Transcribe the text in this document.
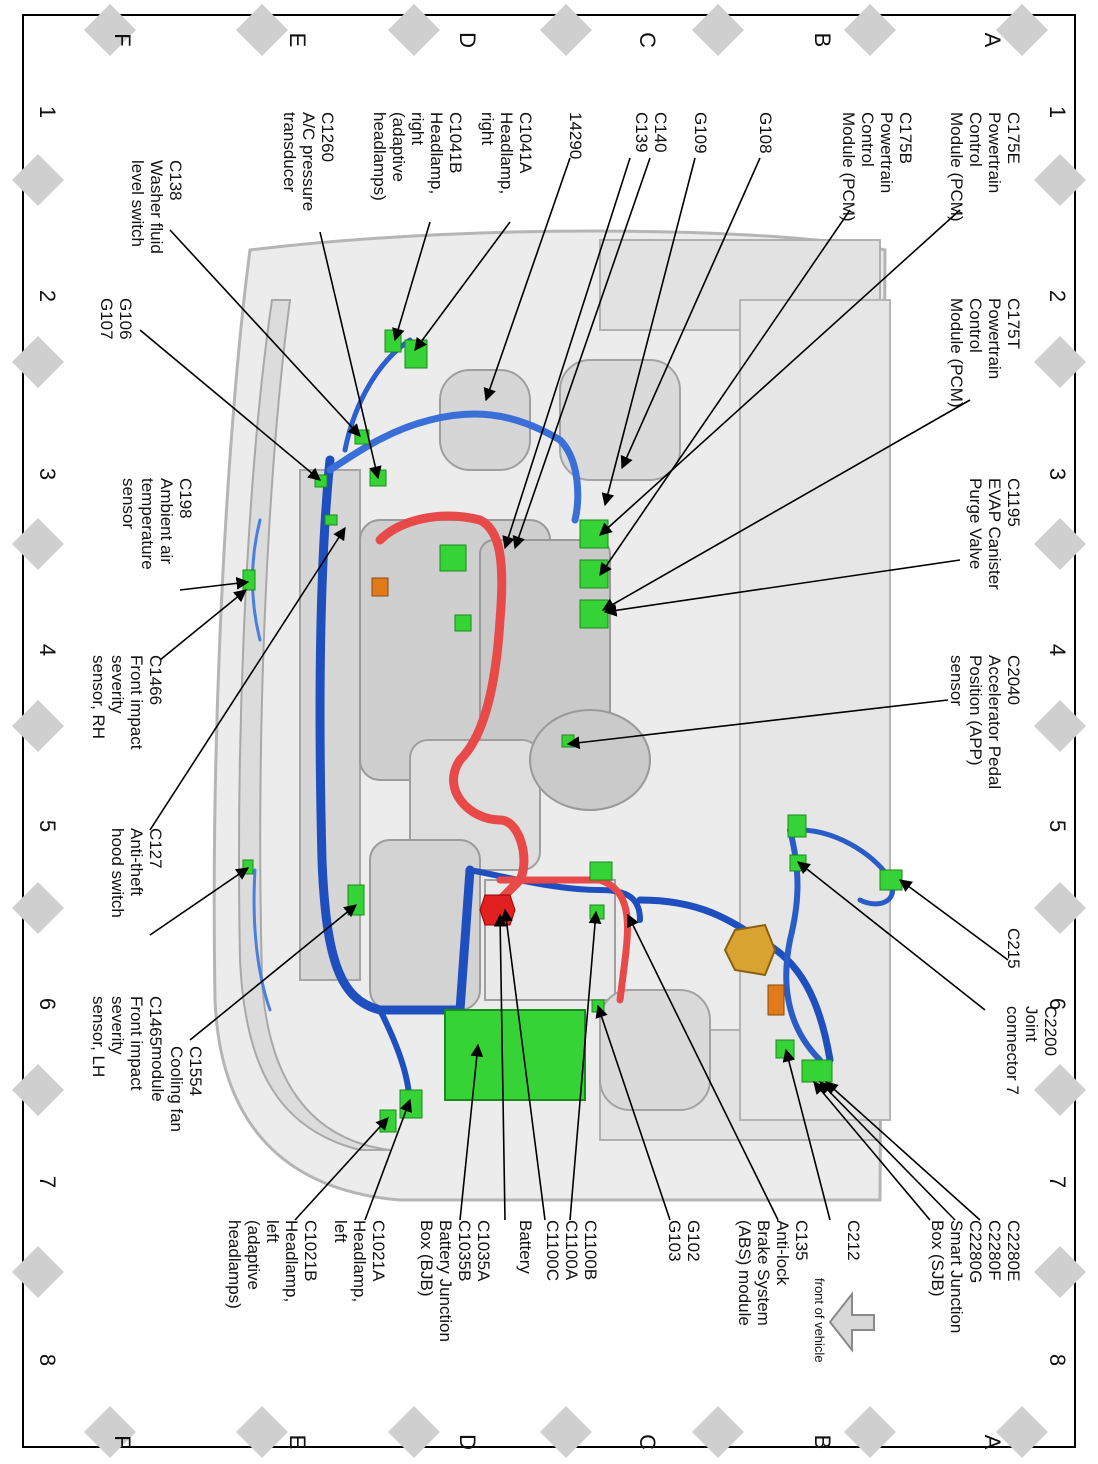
C175E
Powertrain
Control
Module (PCM)
C175B
Powertrain
Control
Module (PCM)
G108
G109
C140
C139
14290
C1041A
Headlamp,
right
C1041B
Headlamp,
right
(adaptive
headlamps)
C1260
A/C pressure
transducer
C138
Washer fluid
level switch
C175T
Powertrain
Control
Module (PCM)
G106
G107
C1195
EVAP Canister
Purge Valve
C198
Ambient air
temperature
sensor
C1466
Front impact
severity
sensor, RH	C2040
Accelerator Pedal
Position (APP)
sensor
C127
Anti-theft
hood switch
C215
C1465
Front impact
severity
sensor, LH	C2200
Joint
connector 7
C1554
Cooling fan
module
C2280E
C2280F
C2280G
Smart Junction
Box (SJB)
C212
C135
Anti-lock
Brake System
(ABS) module
G102
G103
C1100B
C1100A
C1100C
Battery
C1035A
C1035B
Battery Junction
Box (BJB)
C1021A
Headlamp,
left
C1021B
Headlamp,
left
(adaptive
headlamps)
A
A
B
B
C
C
D
D
E
E
F
F
1
1
2
2
3
3
4
4
5
5
6
6
7
7
8
8	front of vehicle
